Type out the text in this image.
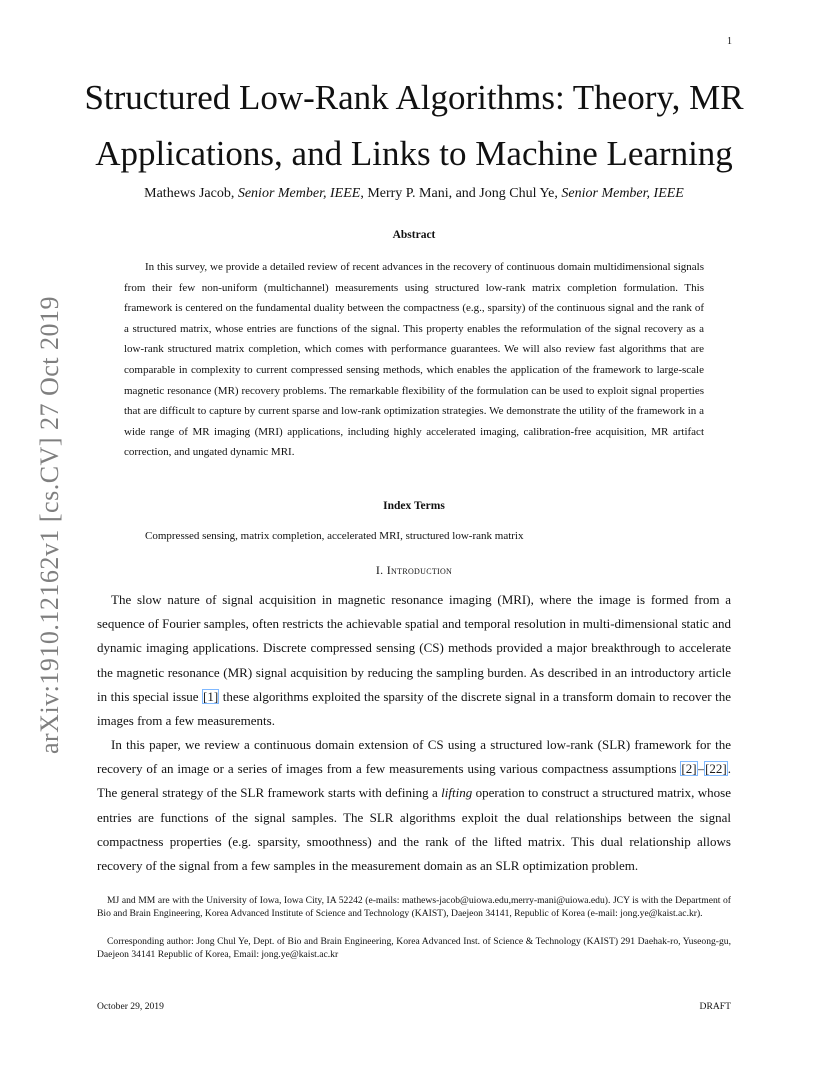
1
arXiv:1910.12162v1 [cs.CV] 27 Oct 2019
Structured Low-Rank Algorithms: Theory, MR Applications, and Links to Machine Learning
Mathews Jacob, Senior Member, IEEE, Merry P. Mani, and Jong Chul Ye, Senior Member, IEEE
Abstract

In this survey, we provide a detailed review of recent advances in the recovery of continuous domain multidimensional signals from their few non-uniform (multichannel) measurements using structured low-rank matrix completion formulation. This framework is centered on the fundamental duality between the compactness (e.g., sparsity) of the continuous signal and the rank of a structured matrix, whose entries are functions of the signal. This property enables the reformulation of the signal recovery as a low-rank structured matrix completion, which comes with performance guarantees. We will also review fast algorithms that are comparable in complexity to current compressed sensing methods, which enables the application of the framework to large-scale magnetic resonance (MR) recovery problems. The remarkable flexibility of the formulation can be used to exploit signal properties that are difficult to capture by current sparse and low-rank optimization strategies. We demonstrate the utility of the framework in a wide range of MR imaging (MRI) applications, including highly accelerated imaging, calibration-free acquisition, MR artifact correction, and ungated dynamic MRI.

Index Terms
Compressed sensing, matrix completion, accelerated MRI, structured low-rank matrix
I. Introduction

The slow nature of signal acquisition in magnetic resonance imaging (MRI), where the image is formed from a sequence of Fourier samples, often restricts the achievable spatial and temporal resolution in multi-dimensional static and dynamic imaging applications. Discrete compressed sensing (CS) methods provided a major breakthrough to accelerate the magnetic resonance (MR) signal acquisition by reducing the sampling burden. As described in an introductory article in this special issue [1] these algorithms exploited the sparsity of the discrete signal in a transform domain to recover the images from a few measurements.

In this paper, we review a continuous domain extension of CS using a structured low-rank (SLR) framework for the recovery of an image or a series of images from a few measurements using various compactness assumptions [2]–[22]. The general strategy of the SLR framework starts with defining a lifting operation to construct a structured matrix, whose entries are functions of the signal samples. The SLR algorithms exploit the dual relationships between the signal compactness properties (e.g. sparsity, smoothness) and the rank of the lifted matrix. This dual relationship allows recovery of the signal from a few samples in the measurement domain as an SLR optimization problem.

MJ and MM are with the University of Iowa, Iowa City, IA 52242 (e-mails: mathews-jacob@uiowa.edu,merry-mani@uiowa.edu). JCY is with the Department of Bio and Brain Engineering, Korea Advanced Institute of Science and Technology (KAIST), Daejeon 34141, Republic of Korea (e-mail: jong.ye@kaist.ac.kr).

Corresponding author: Jong Chul Ye, Dept. of Bio and Brain Engineering, Korea Advanced Inst. of Science & Technology (KAIST) 291 Daehak-ro, Yuseong-gu, Daejeon 34141 Republic of Korea, Email: jong.ye@kaist.ac.kr

October 29, 2019	DRAFT
